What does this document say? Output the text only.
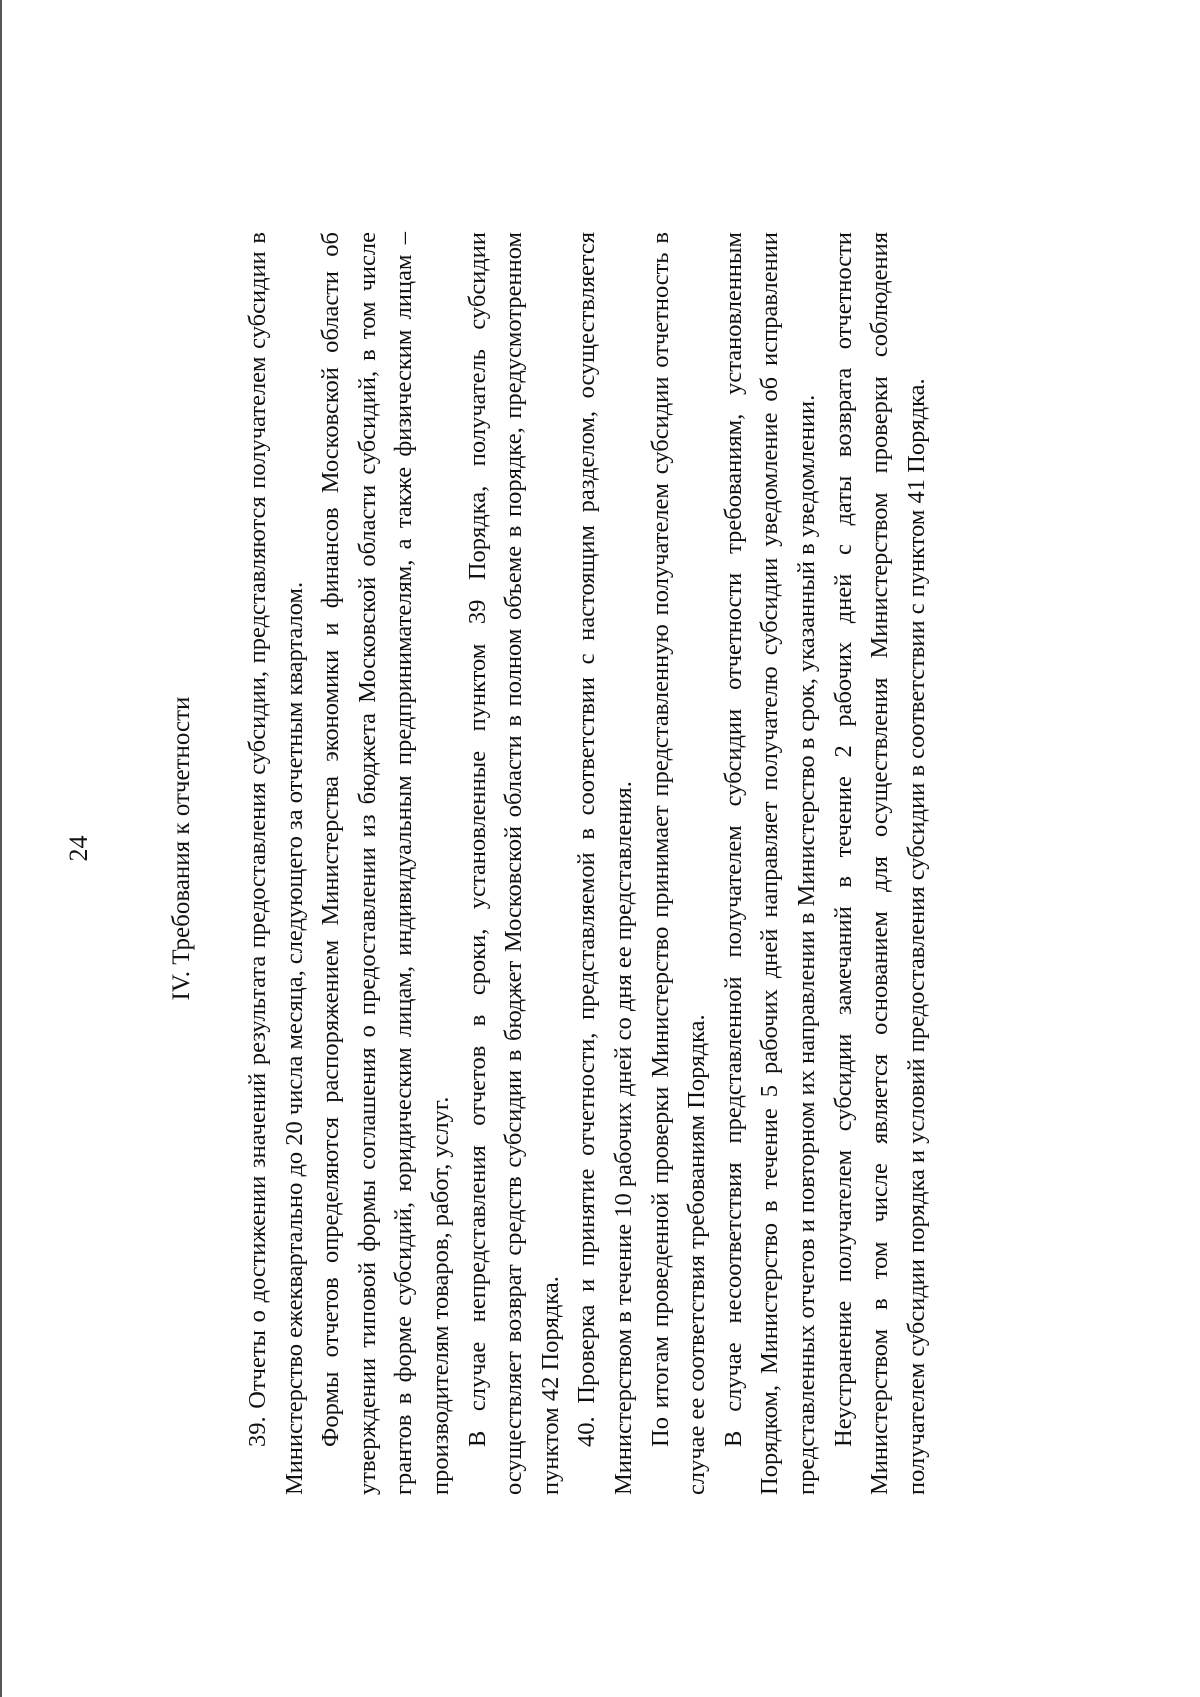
24	IV. Требования к отчетности 39. Отчеты о достижении значений результата предоставления субсидии, представляются получателем субсидии в Министерство ежеквартально до 20 числа месяца, следующего за отчетным кварталом. Формы отчетов определяются распоряжением Министерства экономики и финансов Московской области об утверждении типовой формы соглашения о предоставлении из бюджета Московской области субсидий, в том числе грантов в форме субсидий, юридическим лицам, индивидуальным предпринимателям, а также физическим лицам – производителям товаров, работ, услуг. В случае непредставления отчетов в сроки, установленные пунктом 39 Порядка, получатель субсидии осуществляет возврат средств субсидии в бюджет Московской области в полном объеме в порядке, предусмотренном пунктом 42 Порядка. 40. Проверка и принятие отчетности, представляемой в соответствии с настоящим разделом, осуществляется Министерством в течение 10 рабочих дней со дня ее представления. По итогам проведенной проверки Министерство принимает представленную получателем субсидии отчетность в случае ее соответствия требованиям Порядка. В случае несоответствия представленной получателем субсидии отчетности требованиям, установленным Порядком, Министерство в течение 5 рабочих дней направляет получателю субсидии уведомление об исправлении представленных отчетов и повторном их направлении в Министерство в срок, указанный в уведомлении. Неустранение получателем субсидии замечаний в течение 2 рабочих дней с даты возврата отчетности Министерством в том числе является основанием для осуществления Министерством проверки соблюдения получателем субсидии порядка и условий предоставления субсидии в соответствии с пунктом 41 Порядка.
